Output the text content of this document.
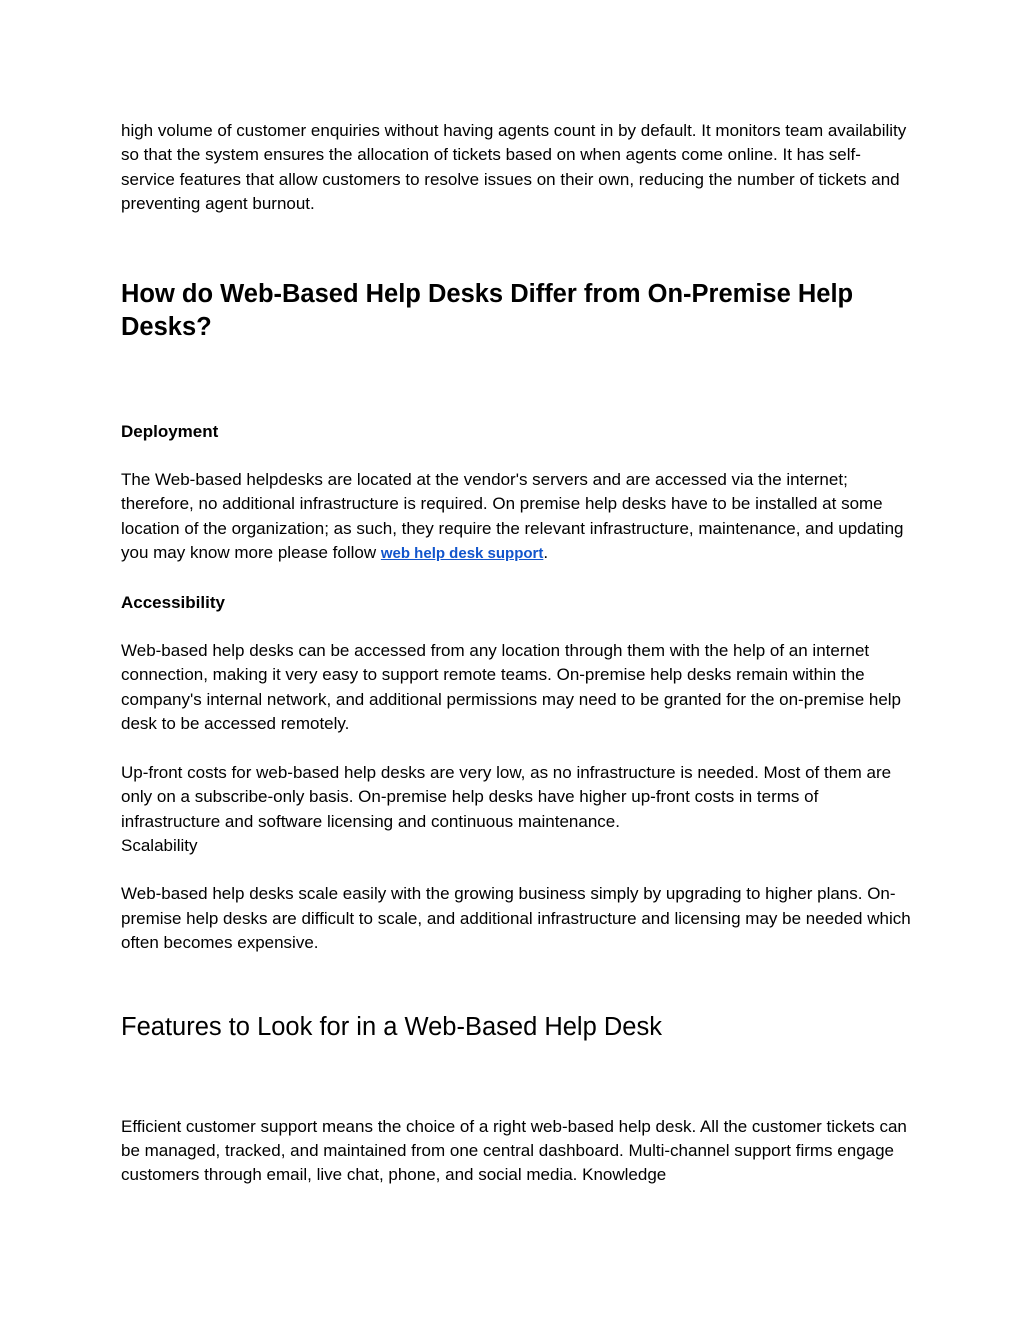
high volume of customer enquiries without having agents count in by default. It monitors team availability so that the system ensures the allocation of tickets based on when agents come online. It has self-service features that allow customers to resolve issues on their own, reducing the number of tickets and preventing agent burnout.

How do Web-Based Help Desks Differ from On-Premise Help Desks?
Deployment

The Web-based helpdesks are located at the vendor's servers and are accessed via the internet; therefore, no additional infrastructure is required. On premise help desks have to be installed at some location of the organization; as such, they require the relevant infrastructure, maintenance, and updating you may know more please follow web help desk support.

Accessibility

Web-based help desks can be accessed from any location through them with the help of an internet connection, making it very easy to support remote teams. On-premise help desks remain within the company's internal network, and additional permissions may need to be granted for the on-premise help desk to be accessed remotely.

Up-front costs for web-based help desks are very low, as no infrastructure is needed. Most of them are only on a subscribe-only basis. On-premise help desks have higher up-front costs in terms of infrastructure and software licensing and continuous maintenance.

Scalability

Web-based help desks scale easily with the growing business simply by upgrading to higher plans. On-premise help desks are difficult to scale, and additional infrastructure and licensing may be needed which often becomes expensive.

Features to Look for in a Web-Based Help Desk

Efficient customer support means the choice of a right web-based help desk. All the customer tickets can be managed, tracked, and maintained from one central dashboard. Multi-channel support firms engage customers through email, live chat, phone, and social media. Knowledge
